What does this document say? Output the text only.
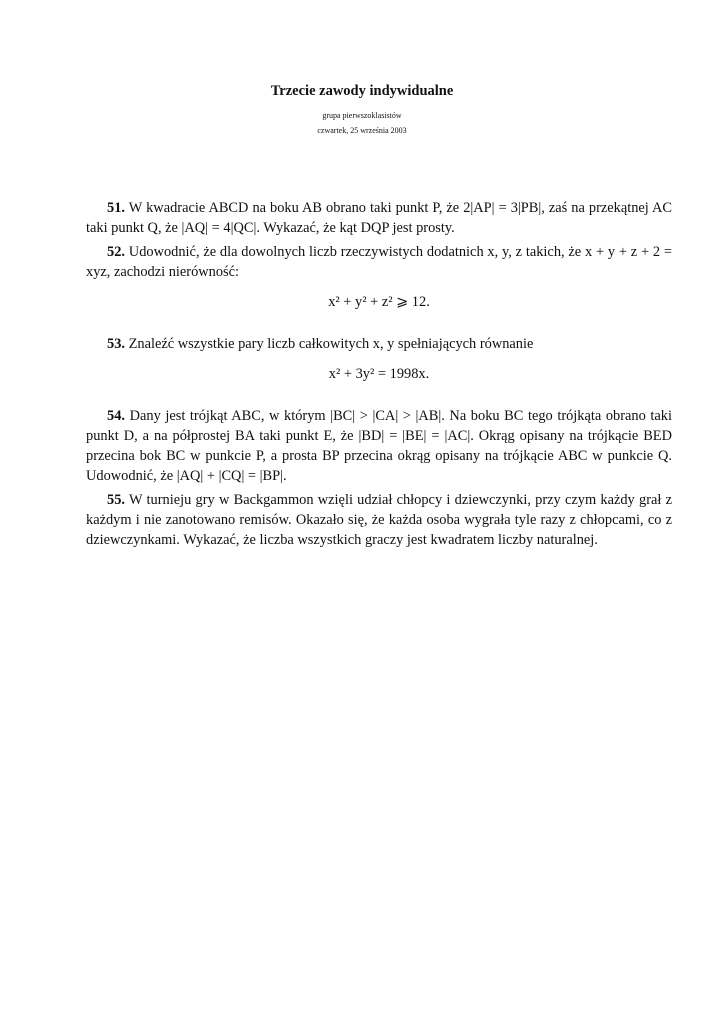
Trzecie zawody indywidualne
grupa pierwszoklasistów
czwartek, 25 września 2003

51. W kwadracie ABCD na boku AB obrano taki punkt P, że 2|AP| = 3|PB|, zaś na przekątnej AC taki punkt Q, że |AQ| = 4|QC|. Wykazać, że kąt DQP jest prosty.

52. Udowodnić, że dla dowolnych liczb rzeczywistych dodatnich x, y, z takich, że x + y + z + 2 = xyz, zachodzi nierówność:

x² + y² + z² ⩾ 12.

53. Znaleźć wszystkie pary liczb całkowitych x, y spełniających równanie

x² + 3y² = 1998x.

54. Dany jest trójkąt ABC, w którym |BC| > |CA| > |AB|. Na boku BC tego trójkąta obrano taki punkt D, a na półprostej BA taki punkt E, że |BD| = |BE| = |AC|. Okrąg opisany na trójkącie BED przecina bok BC w punkcie P, a prosta BP przecina okrąg opisany na trójkącie ABC w punkcie Q. Udowodnić, że |AQ| + |CQ| = |BP|.

55. W turnieju gry w Backgammon wzięli udział chłopcy i dziewczynki, przy czym każdy grał z każdym i nie zanotowano remisów. Okazało się, że każda osoba wygrała tyle razy z chłopcami, co z dziewczynkami. Wykazać, że liczba wszystkich graczy jest kwadratem liczby naturalnej.
